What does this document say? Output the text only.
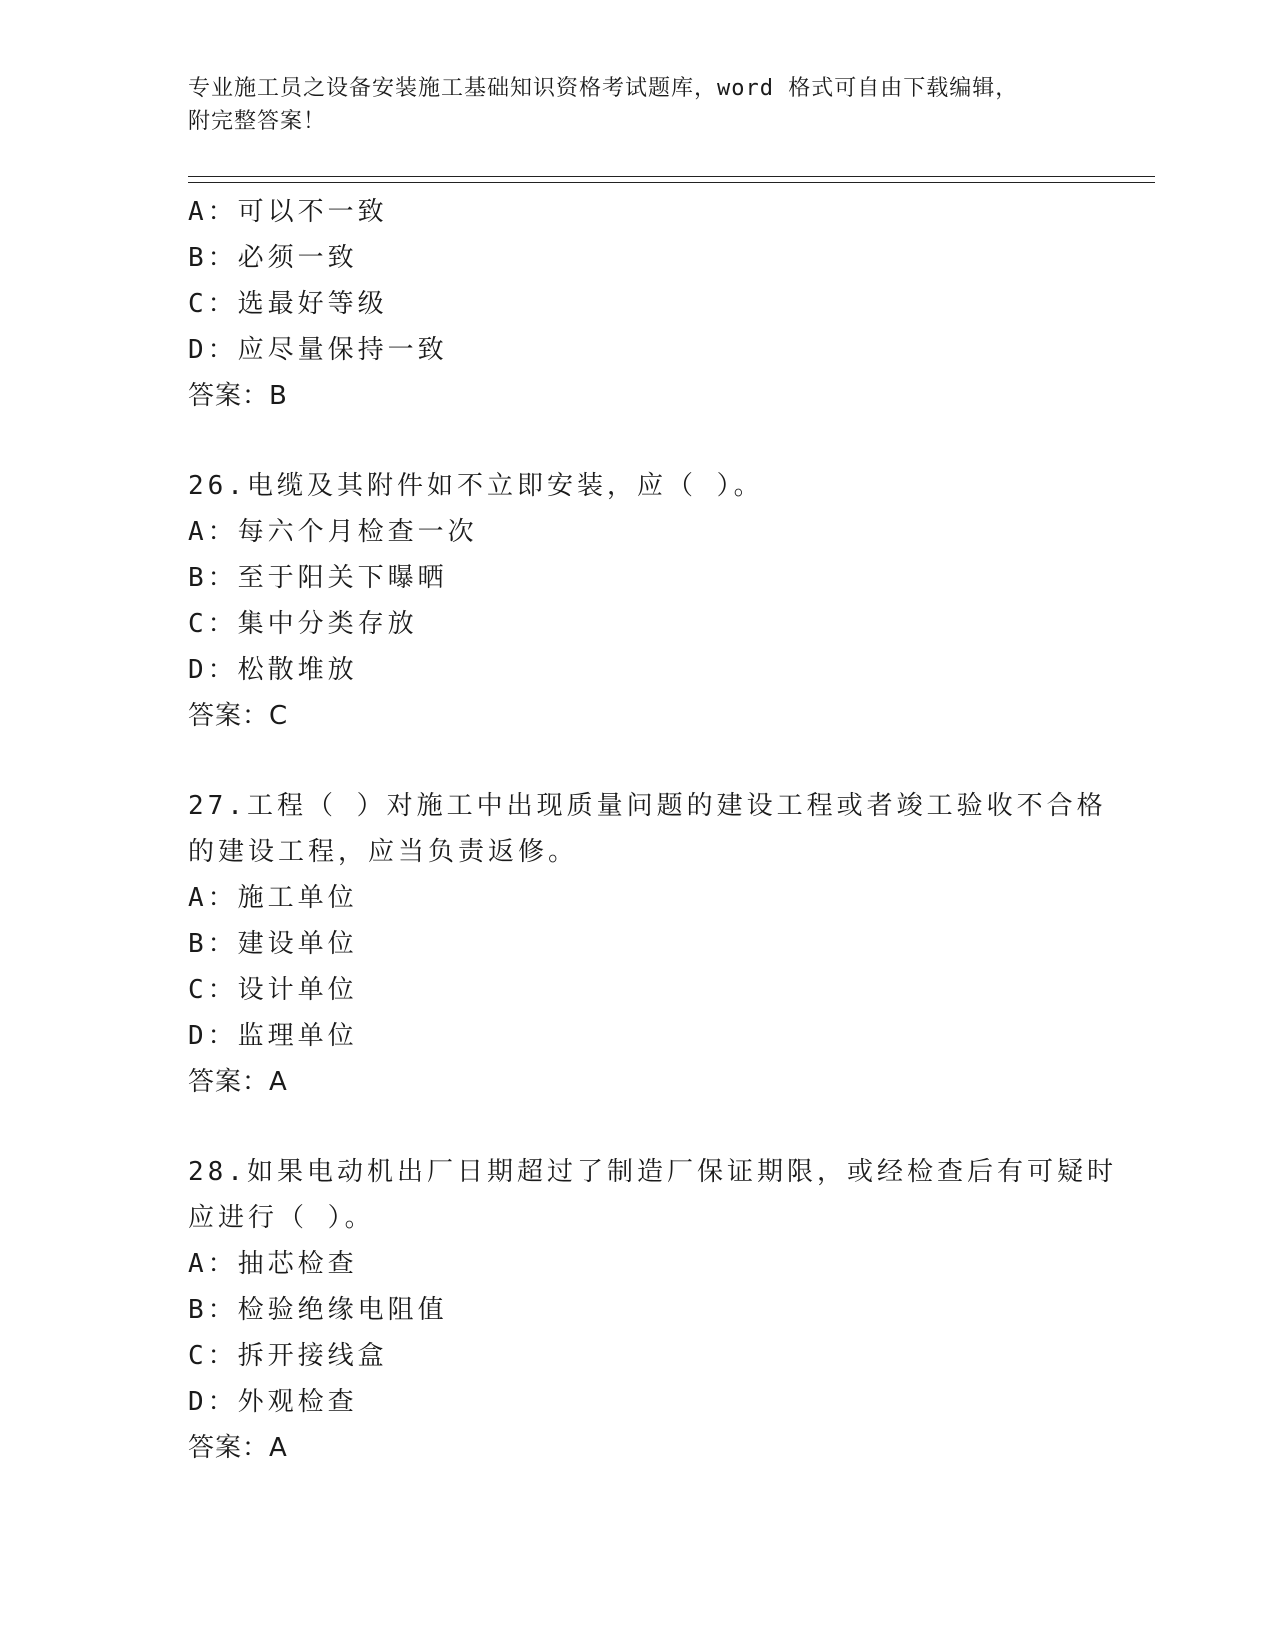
专业施工员之设备安装施工基础知识资格考试题库，word 格式可自由下载编辑，
附完整答案！
A：可以不一致
B：必须一致
C：选最好等级
D：应尽量保持一致
答案：B
26.电缆及其附件如不立即安装，应（ ）。
A：每六个月检查一次
B：至于阳关下曝晒
C：集中分类存放
D：松散堆放
答案：C
27.工程（ ）对施工中出现质量问题的建设工程或者竣工验收不合格
的建设工程，应当负责返修。
A：施工单位
B：建设单位
C：设计单位
D：监理单位
答案：A
28.如果电动机出厂日期超过了制造厂保证期限，或经检查后有可疑时
应进行（ ）。
A：抽芯检查
B：检验绝缘电阻值
C：拆开接线盒
D：外观检查
答案：A
